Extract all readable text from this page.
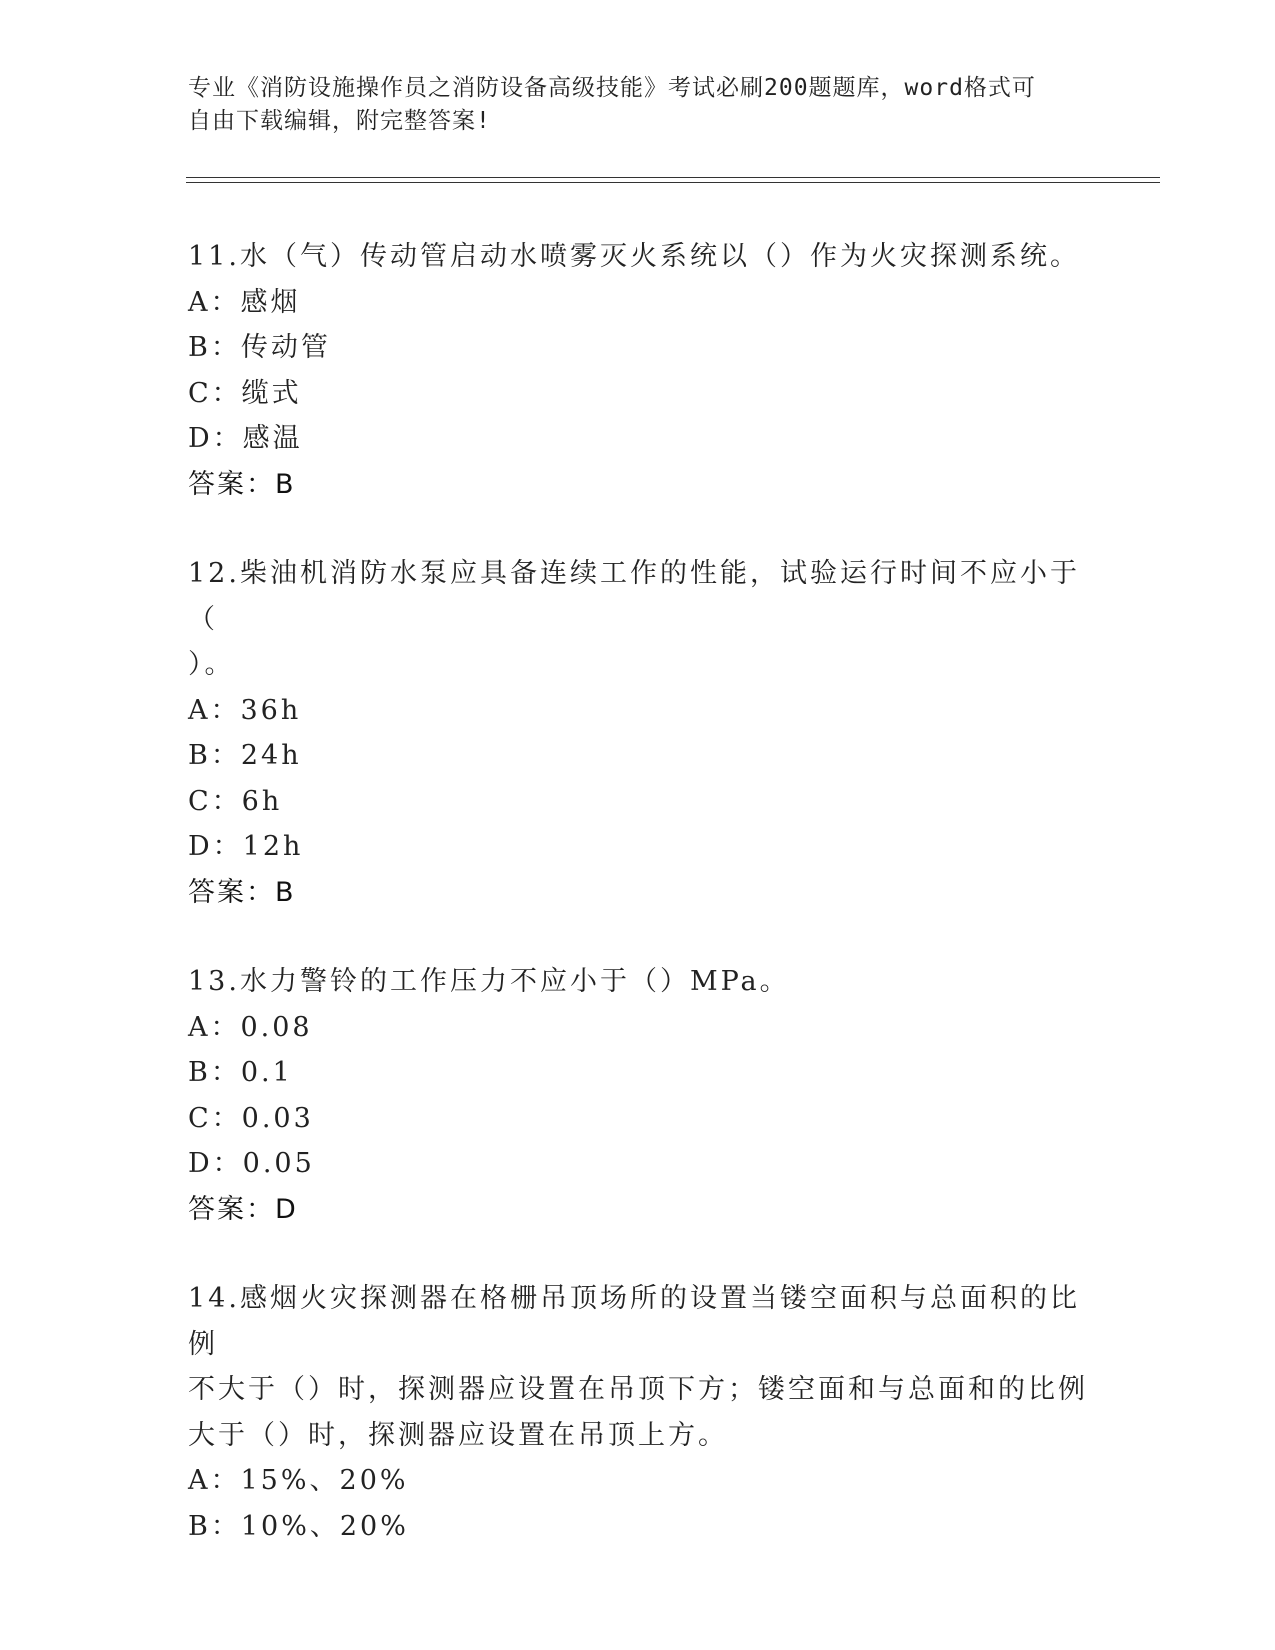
专业《消防设施操作员之消防设备高级技能》考试必刷200题题库，word格式可
自由下载编辑，附完整答案!
11.水（气）传动管启动水喷雾灭火系统以（）作为火灾探测系统。
A：感烟
B：传动管
C：缆式
D：感温
答案：B
12.柴油机消防水泵应具备连续工作的性能，试验运行时间不应小于（
）。
A：36h
B：24h
C：6h
D：12h
答案：B
13.水力警铃的工作压力不应小于（）MPa。
A：0.08
B：0.1
C：0.03
D：0.05
答案：D
14.感烟火灾探测器在格栅吊顶场所的设置当镂空面积与总面积的比例
不大于（）时，探测器应设置在吊顶下方；镂空面和与总面和的比例
大于（）时，探测器应设置在吊顶上方。
A：15%、20%
B：10%、20%
